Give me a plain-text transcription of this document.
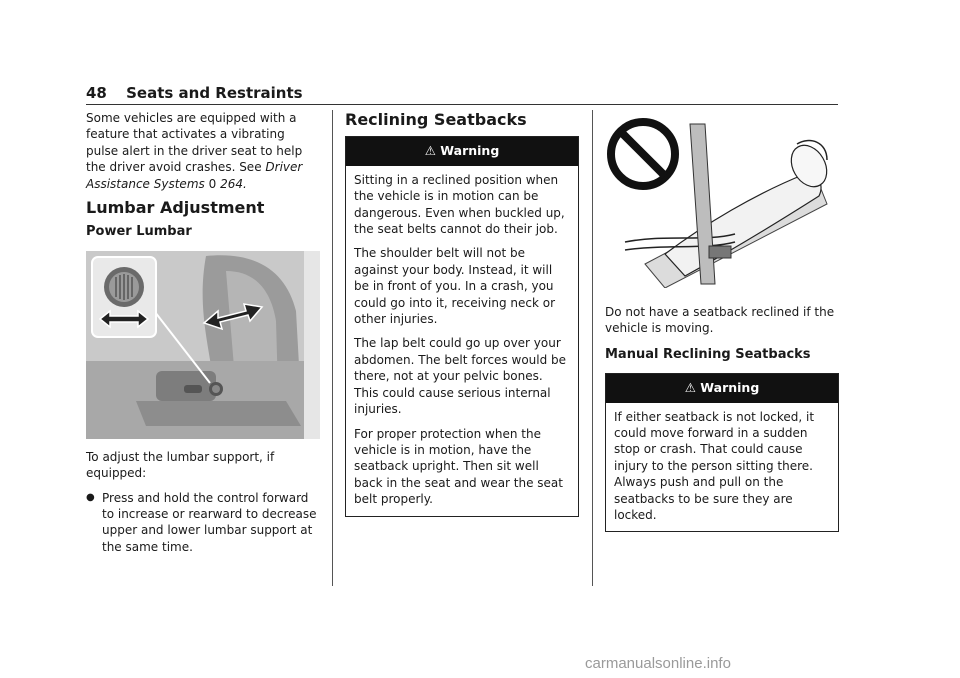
48 Seats and Restraints

Some vehicles are equipped with a feature that activates a vibrating pulse alert in the driver seat to help the driver avoid crashes. See Driver Assistance Systems 0 264.

Lumbar Adjustment
Power Lumbar

To adjust the lumbar support, if equipped:

● Press and hold the control forward to increase or rearward to decrease upper and lower lumbar support at the same time.
Reclining Seatbacks
⚠ Warning

Sitting in a reclined position when the vehicle is in motion can be dangerous. Even when buckled up, the seat belts cannot do their job.

The shoulder belt will not be against your body. Instead, it will be in front of you. In a crash, you could go into it, receiving neck or other injuries.

The lap belt could go up over your abdomen. The belt forces would be there, not at your pelvic bones. This could cause serious internal injuries.

For proper protection when the vehicle is in motion, have the seatback upright. Then sit well back in the seat and wear the seat belt properly.

Do not have a seatback reclined if the vehicle is moving.

Manual Reclining Seatbacks
⚠ Warning

If either seatback is not locked, it could move forward in a sudden stop or crash. That could cause injury to the person sitting there. Always push and pull on the seatbacks to be sure they are locked.

carmanualsonline.info
